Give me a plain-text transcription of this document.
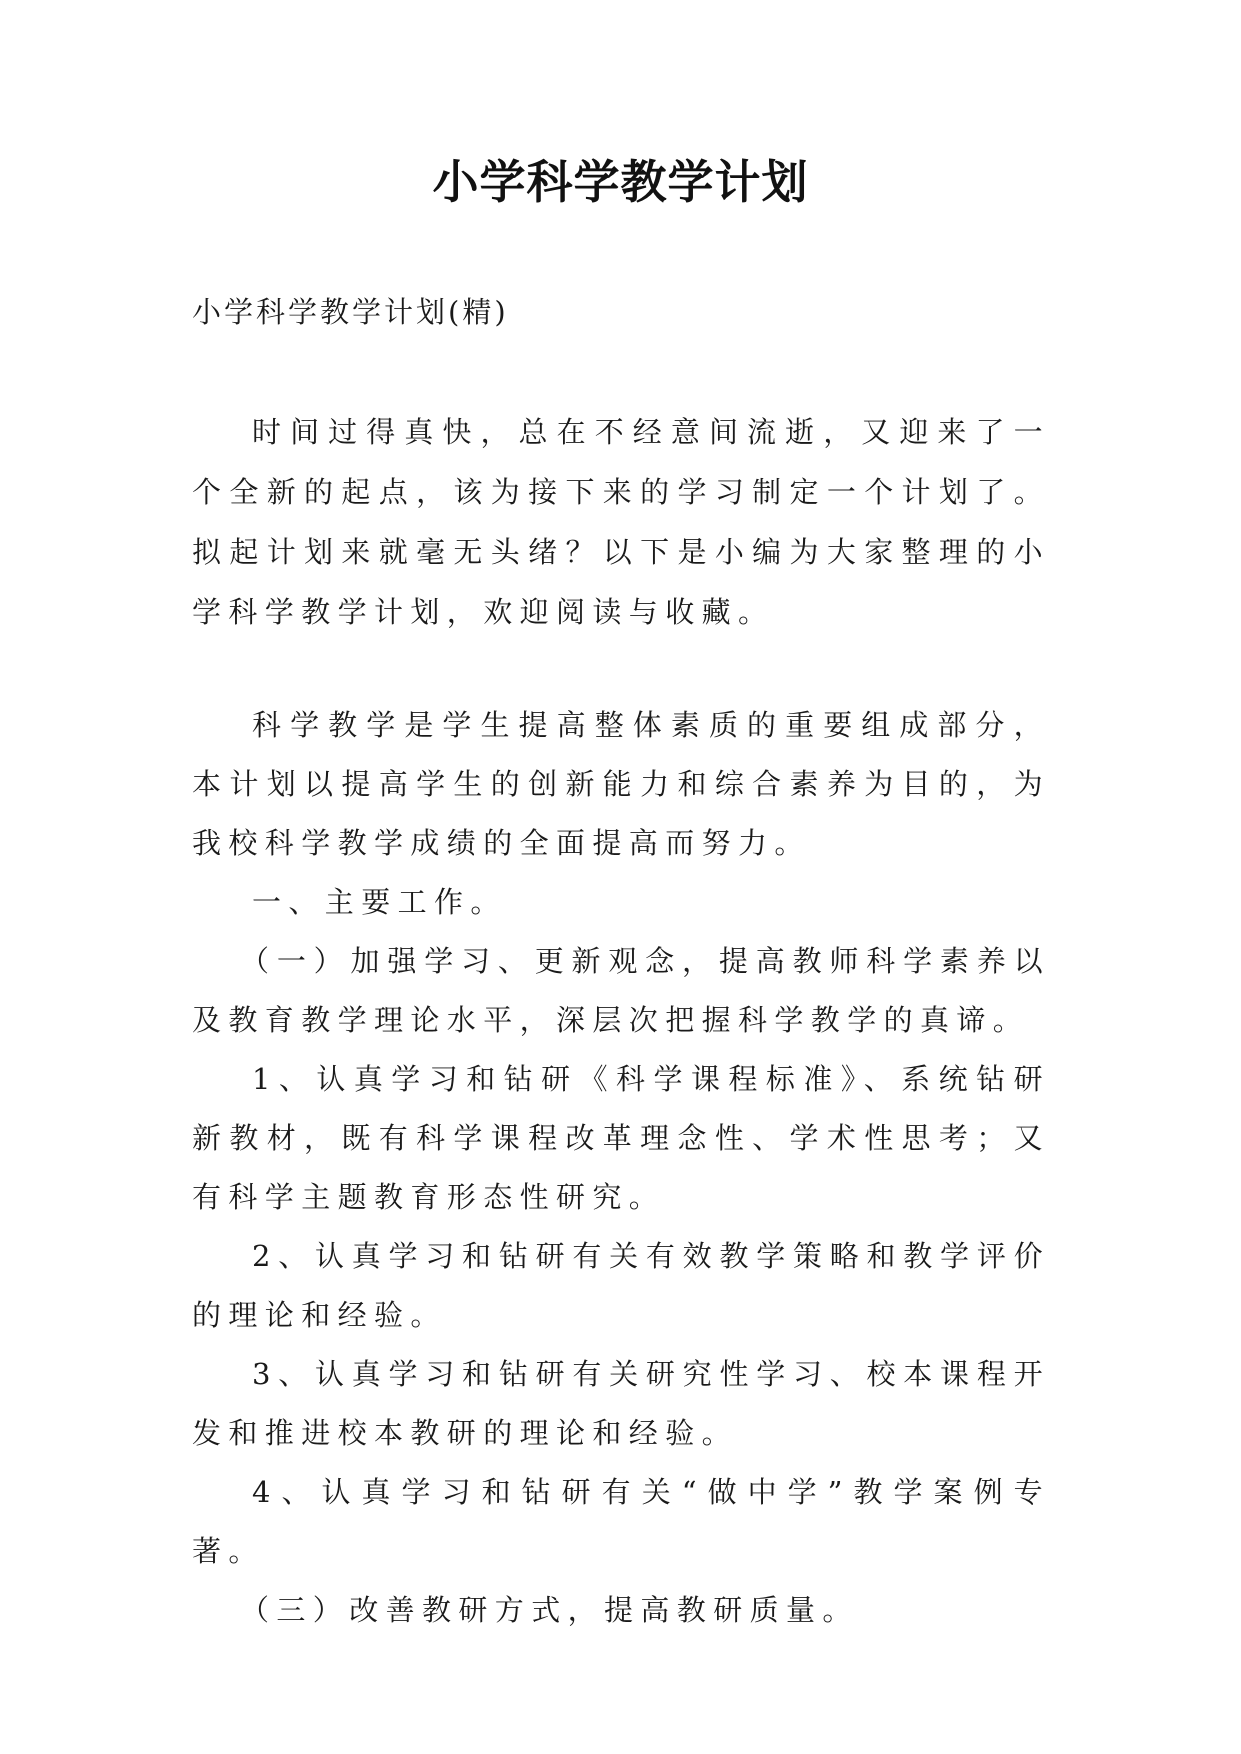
小学科学教学计划

小学科学教学计划(精)

时间过得真快，总在不经意间流逝，又迎来了一个全新的起点，该为接下来的学习制定一个计划了。拟起计划来就毫无头绪？以下是小编为大家整理的小学科学教学计划，欢迎阅读与收藏。

科学教学是学生提高整体素质的重要组成部分，本计划以提高学生的创新能力和综合素养为目的，为我校科学教学成绩的全面提高而努力。

一、主要工作。

（一）加强学习、更新观念，提高教师科学素养以及教育教学理论水平，深层次把握科学教学的真谛。

1、认真学习和钻研《科学课程标准》、系统钻研新教材，既有科学课程改革理念性、学术性思考；又有科学主题教育形态性研究。

2、认真学习和钻研有关有效教学策略和教学评价的理论和经验。

3、认真学习和钻研有关研究性学习、校本课程开发和推进校本教研的理论和经验。

4、认真学习和钻研有关“做中学”教学案例专著。

（三）改善教研方式，提高教研质量。
